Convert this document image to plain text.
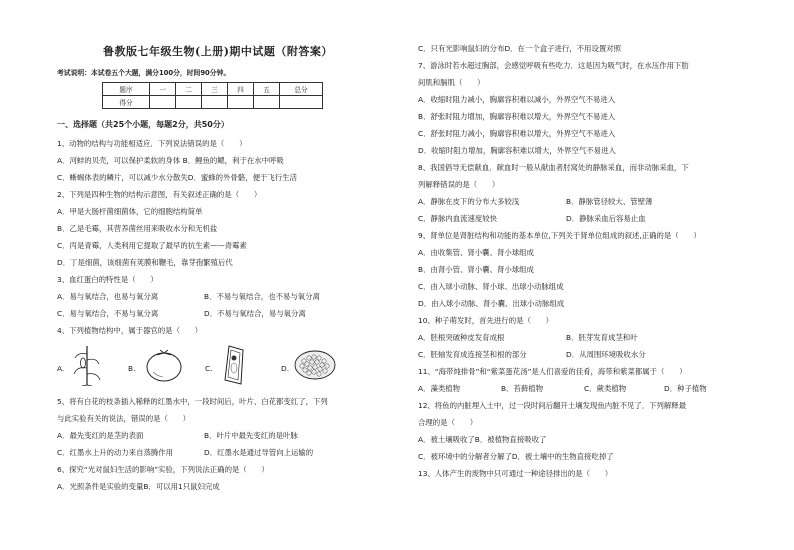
鲁教版七年级生物(上册)期中试题（附答案）
考试说明：本试卷五个大题，满分100分，时间90分钟。
题序	一	二	三	四	五	总分
得分						
一、选择题（共25个小题，每题2分，共50分）
1、动物的结构与功能相适应．下列说法错误的是（　　）
A．河蚌的贝壳，可以保护柔软的身体 B．鲤鱼的鳃，利于在水中呼吸
C．蜥蜴体表的鳞片，可以减少水分散失D．蜜蜂的外骨骼，便于飞行生活
2、下列是四种生物的结构示意图，有关叙述正确的是（　　）
A．甲是大肠杆菌细菌体，它的细胞结构简单
B．乙是毛霉，其营养菌丝用来吸收水分和无机盐
C．丙是青霉，人类利用它提取了最早的抗生素——青霉素
D．丁是细菌，该细菌有荚膜和鞭毛，靠芽孢繁殖后代
3、血红蛋白的特性是（　　）
A．易与氧结合，也易与氧分离	B．不易与氧结合，也不易与氧分离
C．易与氧结合，不易与氧分离	D．不易与氧结合，易与氧分离
4、下列植物结构中，属于器官的是（　　）
A.	B.	C.	D.
5、将有白花的枝条插入稀释的红墨水中，一段时间后，叶片、白花都变红了，下列
与此实验有关的说法，错误的是（　　）
A．最先变红的是茎的表面	B．叶片中最先变红的是叶脉
C．红墨水上升的动力来自蒸腾作用	D．红墨水是通过导管向上运输的
6、探究“光对鼠妇生活的影响”实验，下列说法正确的是（　　）
A．光照条件是实验的变量B．可以用1只鼠妇完成
C．只有光影响鼠妇的分布D．在一个盒子进行，不用设置对照
7、游泳时若水超过胸部，会感觉呼吸有些吃力．这是因为吸气时，在水压作用下肋
间肌和膈肌（　　）
A．收缩时阻力减小，胸廓容积难以减小，外界空气不易进入
B．舒张时阻力增加，胸廓容积难以增大，外界空气不易进入
C．舒张时阻力减小，胸廓容积难以增大，外界空气不易进入
D．收缩时阻力增加，胸廓容积难以增大，外界空气不易进入
8、我国倡导无偿献血．献血时一般从献血者肘窝处的静脉采血，而非动脉采血，下
列解释错误的是（　　）
A．静脉在皮下的分布大多较浅	B．静脉管径较大、管壁薄
C．静脉内血流速度较快	D．静脉采血后容易止血
9、肾单位是肾脏结构和功能的基本单位,下列关于肾单位组成的叙述,正确的是（　　）
A．由收集管、肾小囊、肾小球组成
B．由肾小管、肾小囊、肾小球组成
C．由入球小动脉、肾小球、出球小动脉组成
D．由入球小动脉、肾小囊、出球小动脉组成
10、种子萌发时，首先进行的是（　　）
A．胚根突破种皮发育成根	B．胚芽发育成茎和叶
C．胚轴发育成连接茎和根的部分	D．从周围环境吸收水分
11、“海带炖排骨”和“紫菜蛋花汤”是人们喜爱的佳肴，海带和紫菜都属于（　　）
A．藻类植物	B．苔藓植物	C．蕨类植物	D．种子植物
12、将鱼的内脏埋入土中，过一段时间后翻开土壤发现鱼内脏不见了．下列解释最
合理的是（　　）
A．被土壤吸收了B．被植物直接吸收了
C．被环境中的分解者分解了D．被土壤中的生物直接吃掉了
13、人体产生的废物中只可通过一种途径排出的是（　　）
